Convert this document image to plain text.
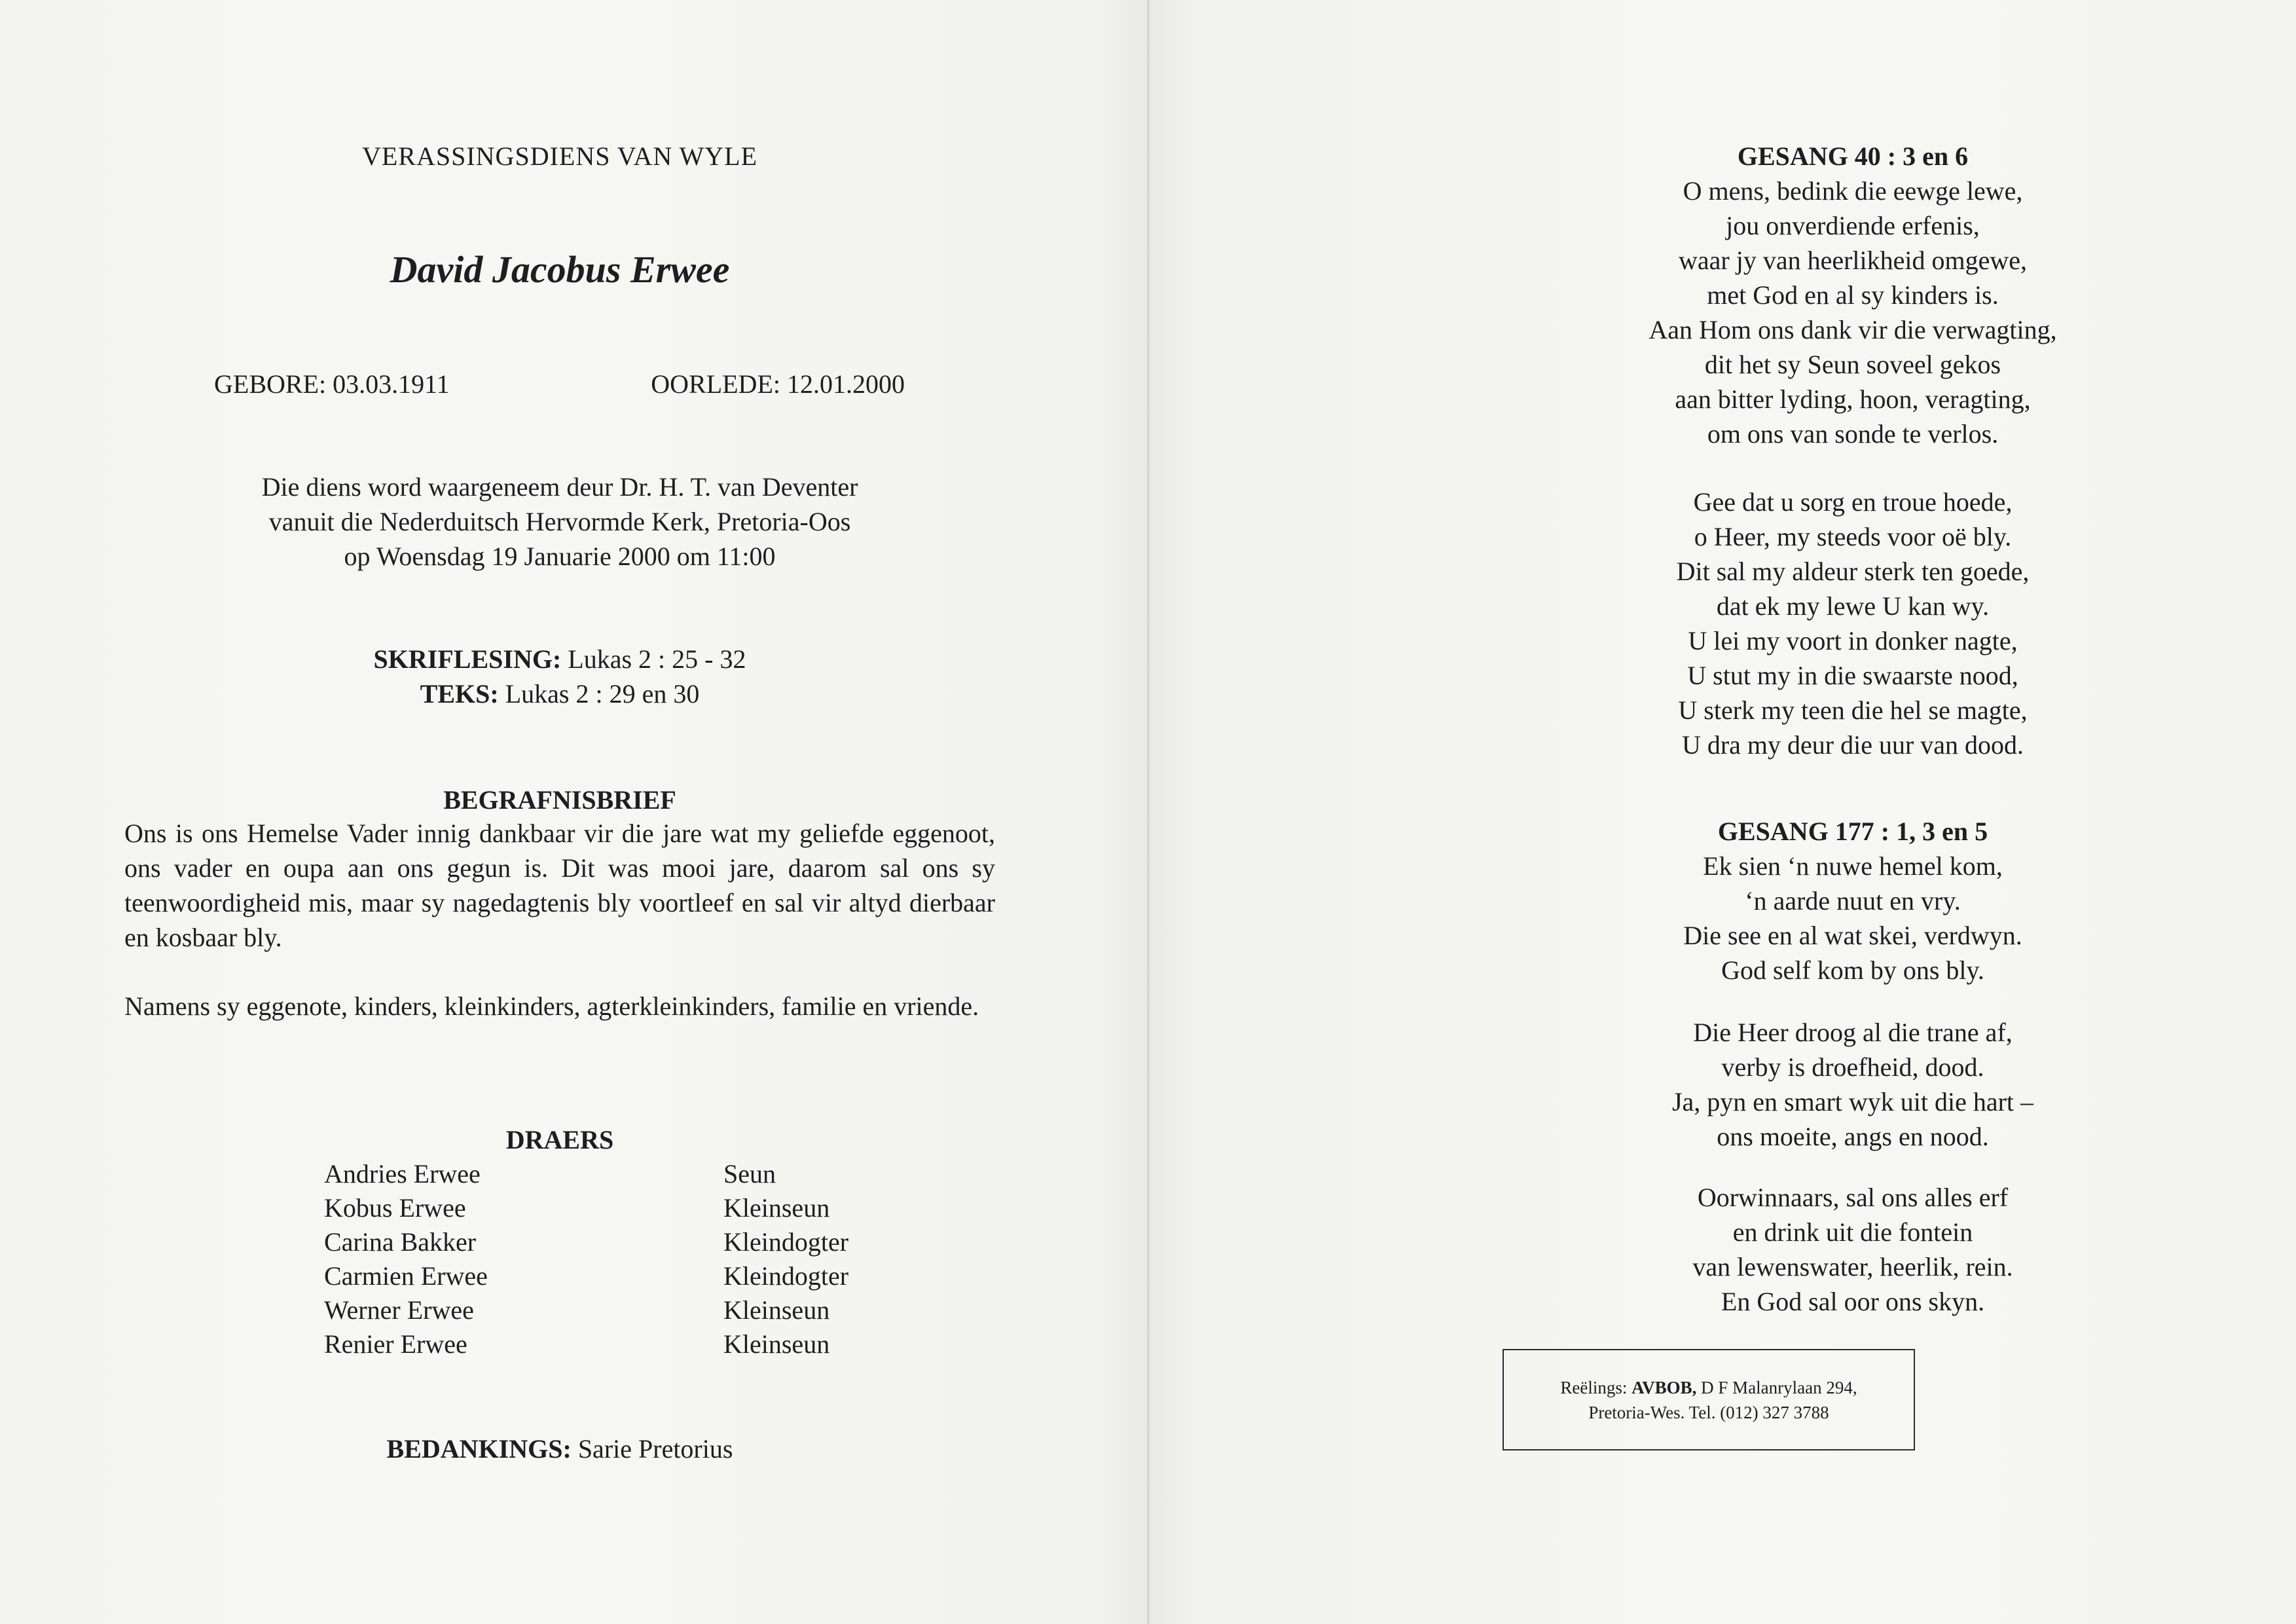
VERASSINGSDIENS VAN WYLE
David Jacobus Erwee
GEBORE: 03.03.1911	OORLEDE: 12.01.2000
Die diens word waargeneem deur Dr. H. T. van Deventer
vanuit die Nederduitsch Hervormde Kerk, Pretoria-Oos
op Woensdag 19 Januarie 2000 om 11:00
SKRIFLESING: Lukas 2 : 25 - 32
TEKS: Lukas 2 : 29 en 30
BEGRAFNISBRIEF
Ons is ons Hemelse Vader innig dankbaar vir die jare wat my geliefde eggenoot, ons vader en oupa aan ons gegun is. Dit was mooi jare, daarom sal ons sy teenwoordigheid mis, maar sy nagedagtenis bly voortleef en sal vir altyd dierbaar en kosbaar bly.
Namens sy eggenote, kinders, kleinkinders, agterkleinkinders, familie en vriende.
DRAERS
Andries Erwee	Seun
Kobus Erwee	Kleinseun
Carina Bakker	Kleindogter
Carmien Erwee	Kleindogter
Werner Erwee	Kleinseun
Renier Erwee	Kleinseun
BEDANKINGS: Sarie Pretorius
GESANG 40 : 3 en 6
O mens, bedink die eewge lewe,
jou onverdiende erfenis,
waar jy van heerlikheid omgewe,
met God en al sy kinders is.
Aan Hom ons dank vir die verwagting,
dit het sy Seun soveel gekos
aan bitter lyding, hoon, veragting,
om ons van sonde te verlos.
Gee dat u sorg en troue hoede,
o Heer, my steeds voor oë bly.
Dit sal my aldeur sterk ten goede,
dat ek my lewe U kan wy.
U lei my voort in donker nagte,
U stut my in die swaarste nood,
U sterk my teen die hel se magte,
U dra my deur die uur van dood.
GESANG 177 : 1, 3 en 5
Ek sien ‘n nuwe hemel kom,
‘n aarde nuut en vry.
Die see en al wat skei, verdwyn.
God self kom by ons bly.
Die Heer droog al die trane af,
verby is droefheid, dood.
Ja, pyn en smart wyk uit die hart –
ons moeite, angs en nood.
Oorwinnaars, sal ons alles erf
en drink uit die fontein
van lewenswater, heerlik, rein.
En God sal oor ons skyn.
Reëlings: AVBOB, D F Malanrylaan 294,
Pretoria-Wes. Tel. (012) 327 3788
